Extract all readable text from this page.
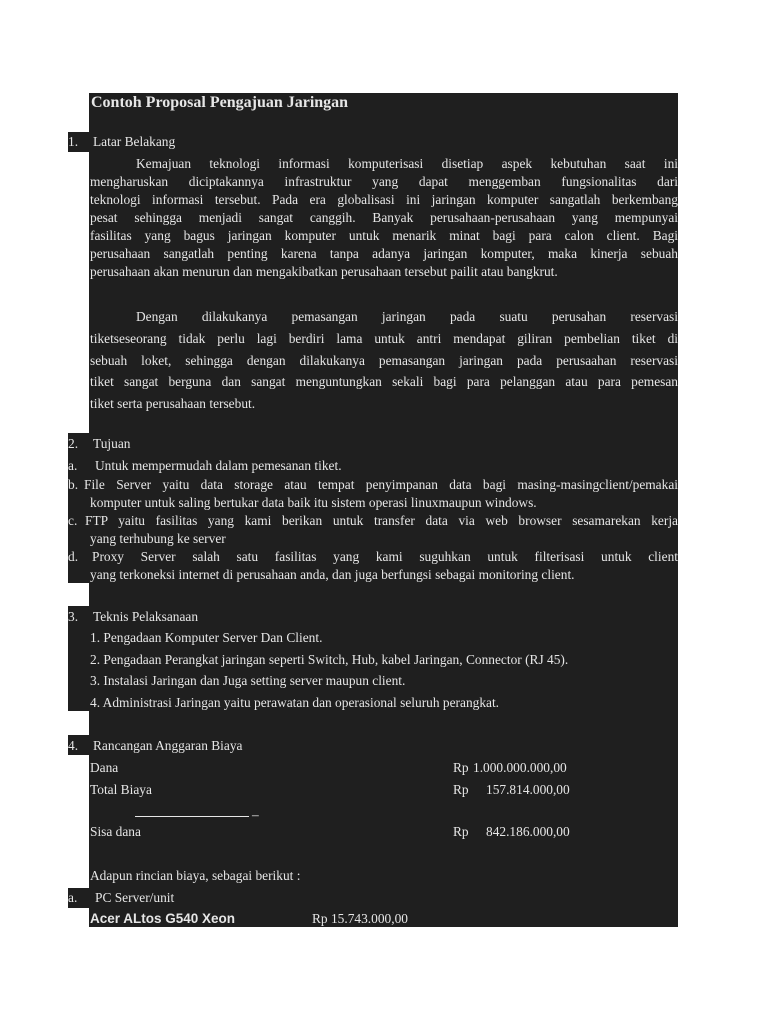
Contoh Proposal Pengajuan Jaringan
1. Latar Belakang
Kemajuan teknologi informasi komputerisasi disetiap aspek kebutuhan saat ini
mengharuskan diciptakannya infrastruktur yang dapat menggemban fungsionalitas dari
teknologi informasi tersebut. Pada era globalisasi ini jaringan komputer sangatlah berkembang
pesat sehingga menjadi sangat canggih. Banyak perusahaan-perusahaan yang mempunyai
fasilitas yang bagus jaringan komputer untuk menarik minat bagi para calon client. Bagi
perusahaan sangatlah penting karena tanpa adanya jaringan komputer, maka kinerja sebuah
perusahaan akan menurun dan mengakibatkan perusahaan tersebut pailit atau bangkrut.
Dengan dilakukanya pemasangan jaringan pada suatu perusahan reservasi
tiketseseorang tidak perlu lagi berdiri lama untuk antri mendapat giliran pembelian tiket di
sebuah loket, sehingga dengan dilakukanya pemasangan jaringan pada perusaahan reservasi
tiket sangat berguna dan sangat menguntungkan sekali bagi para pelanggan atau para pemesan
tiket serta perusahaan tersebut.
2. Tujuan
a. Untuk mempermudah dalam pemesanan tiket.
b. File Server yaitu data storage atau tempat penyimpanan data bagi masing-masingclient/pemakai
komputer untuk saling bertukar data baik itu sistem operasi linuxmaupun windows.
c. FTP yaitu fasilitas yang kami berikan untuk transfer data via web browser sesamarekan kerja
yang terhubung ke server
d. Proxy Server salah satu fasilitas yang kami suguhkan untuk filterisasi untuk client
yang terkoneksi internet di perusahaan anda, dan juga berfungsi sebagai monitoring client.
3. Teknis Pelaksanaan
1. Pengadaan Komputer Server Dan Client.
2. Pengadaan Perangkat jaringan seperti Switch, Hub, kabel Jaringan, Connector (RJ 45).
3. Instalasi Jaringan dan Juga setting server maupun client.
4. Administrasi Jaringan yaitu perawatan dan operasional seluruh perangkat.
4. Rancangan Anggaran Biaya
Dana	Rp 1.000.000.000,00
Total Biaya	Rp 157.814.000,00
–
Sisa dana	Rp 842.186.000,00
Adapun rincian biaya, sebagai berikut :
a. PC Server/unit
Acer ALtos G540 Xeon	Rp 15.743.000,00
